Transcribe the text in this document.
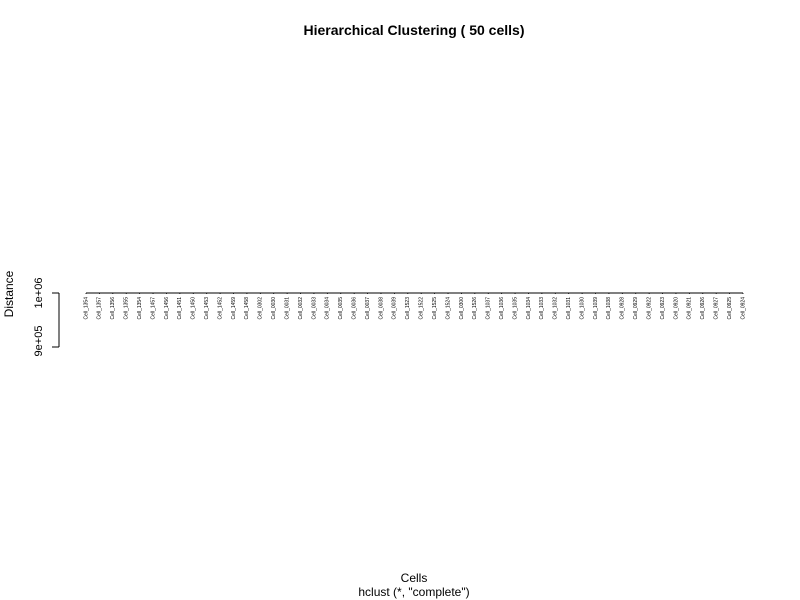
Hierarchical Clustering ( 50 cells)
1e+06
9e+05
Distance	Cell_1354 Cell_1357 Cell_1356 Cell_1355 Cell_1354 Cell_1457 Cell_1456 Cell_1451 Cell_1450 Cell_1453 Cell_1452 Cell_1459 Cell_1458 Cell_0302 Cell_0030 Cell_0031 Cell_0032 Cell_0033 Cell_0034 Cell_0035 Cell_0036 Cell_0037 Cell_0038 Cell_0039 Cell_1523 Cell_1522 Cell_1525 Cell_1524 Cell_0300 Cell_1526 Cell_1037 Cell_1036 Cell_1035 Cell_1034 Cell_1033 Cell_1032 Cell_1031 Cell_1030 Cell_1039 Cell_1038 Cell_0928 Cell_0929 Cell_0922 Cell_0923 Cell_0920 Cell_0921 Cell_0926 Cell_0927 Cell_0925 Cell_0924
Cells
hclust (*, "complete")
